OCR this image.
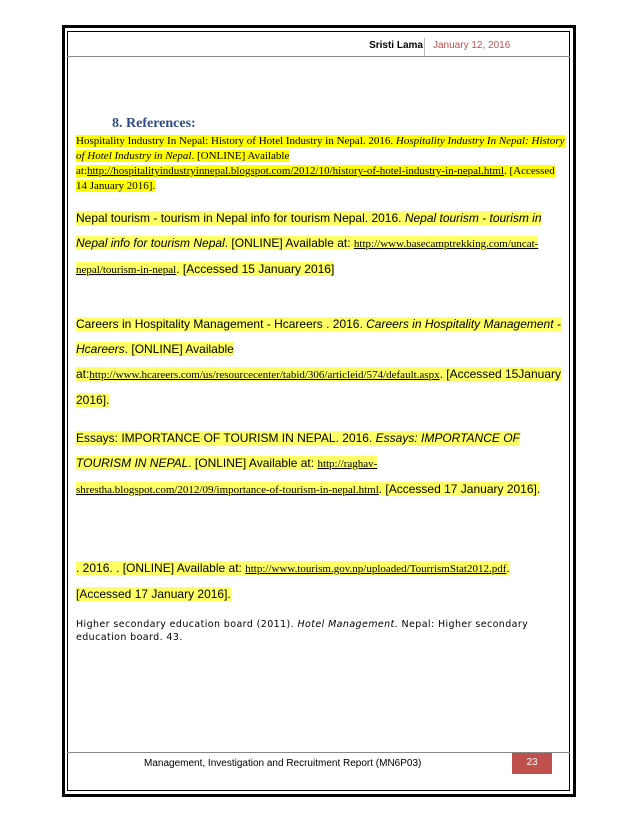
Sristi Lama January 12, 2016
8. References:

Hospitality Industry In Nepal: History of Hotel Industry in Nepal. 2016. Hospitality Industry In Nepal: History of Hotel Industry in Nepal. [ONLINE] Available at:http://hospitalityindustryinnepal.blogspot.com/2012/10/history-of-hotel-industry-in-nepal.html. [Accessed 14 January 2016].

Nepal tourism - tourism in Nepal info for tourism Nepal. 2016. Nepal tourism - tourism in Nepal info for tourism Nepal. [ONLINE] Available at: http://www.basecamptrekking.com/uncat-nepal/tourism-in-nepal. [Accessed 15 January 2016]

Careers in Hospitality Management - Hcareers . 2016. Careers in Hospitality Management - Hcareers. [ONLINE] Available at:http://www.hcareers.com/us/resourcecenter/tabid/306/articleid/574/default.aspx. [Accessed 15January 2016].

Essays: IMPORTANCE OF TOURISM IN NEPAL. 2016. Essays: IMPORTANCE OF TOURISM IN NEPAL. [ONLINE] Available at: http://raghav-shrestha.blogspot.com/2012/09/importance-of-tourism-in-nepal.html. [Accessed 17 January 2016].

. 2016. . [ONLINE] Available at: http://www.tourism.gov.np/uploaded/TourrismStat2012.pdf. [Accessed 17 January 2016].

Higher secondary education board (2011). Hotel Management. Nepal: Higher secondary education board. 43.

Management, Investigation and Recruitment Report (MN6P03)	23
